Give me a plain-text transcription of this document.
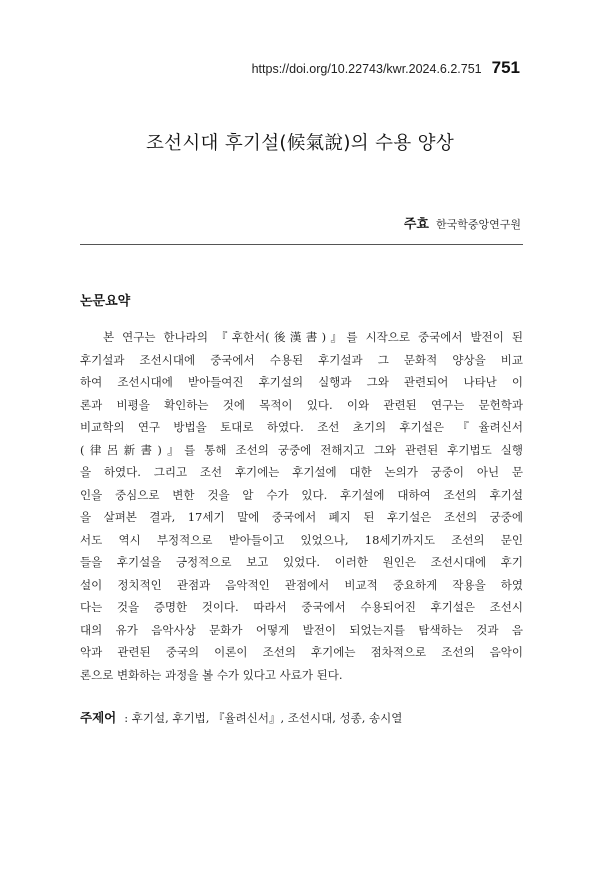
https://doi.org/10.22743/kwr.2024.6.2.751 751
조선시대 후기설(候氣說)의 수용 양상
주효 한국학중앙연구원
논문요약
본 연구는 한나라의 『후한서(後漢書)』를 시작으로 중국에서 발전이 된
후기설과 조선시대에 중국에서 수용된 후기설과 그 문화적 양상을 비교
하여 조선시대에 받아들여진 후기설의 실행과 그와 관련되어 나타난 이
론과 비평을 확인하는 것에 목적이 있다. 이와 관련된 연구는 문헌학과
비교학의 연구 방법을 토대로 하였다. 조선 초기의 후기설은 『율려신서
(律呂新書)』를 통해 조선의 궁중에 전해지고 그와 관련된 후기법도 실행
을 하였다. 그리고 조선 후기에는 후기설에 대한 논의가 궁중이 아닌 문
인을 중심으로 변한 것을 알 수가 있다. 후기설에 대하여 조선의 후기설
을 살펴본 결과, 17세기 말에 중국에서 폐지 된 후기설은 조선의 궁중에
서도 역시 부정적으로 받아들이고 있었으나, 18세기까지도 조선의 문인
들을 후기설을 긍정적으로 보고 있었다. 이러한 원인은 조선시대에 후기
설이 정치적인 관점과 음악적인 관점에서 비교적 중요하게 작용을 하였
다는 것을 증명한 것이다. 따라서 중국에서 수용되어진 후기설은 조선시
대의 유가 음악사상 문화가 어떻게 발전이 되었는지를 탐색하는 것과 음
악과 관련된 중국의 이론이 조선의 후기에는 점차적으로 조선의 음악이
론으로 변화하는 과정을 볼 수가 있다고 사료가 된다.
주제어 : 후기설, 후기법, 『율려신서』, 조선시대, 성종, 송시열
